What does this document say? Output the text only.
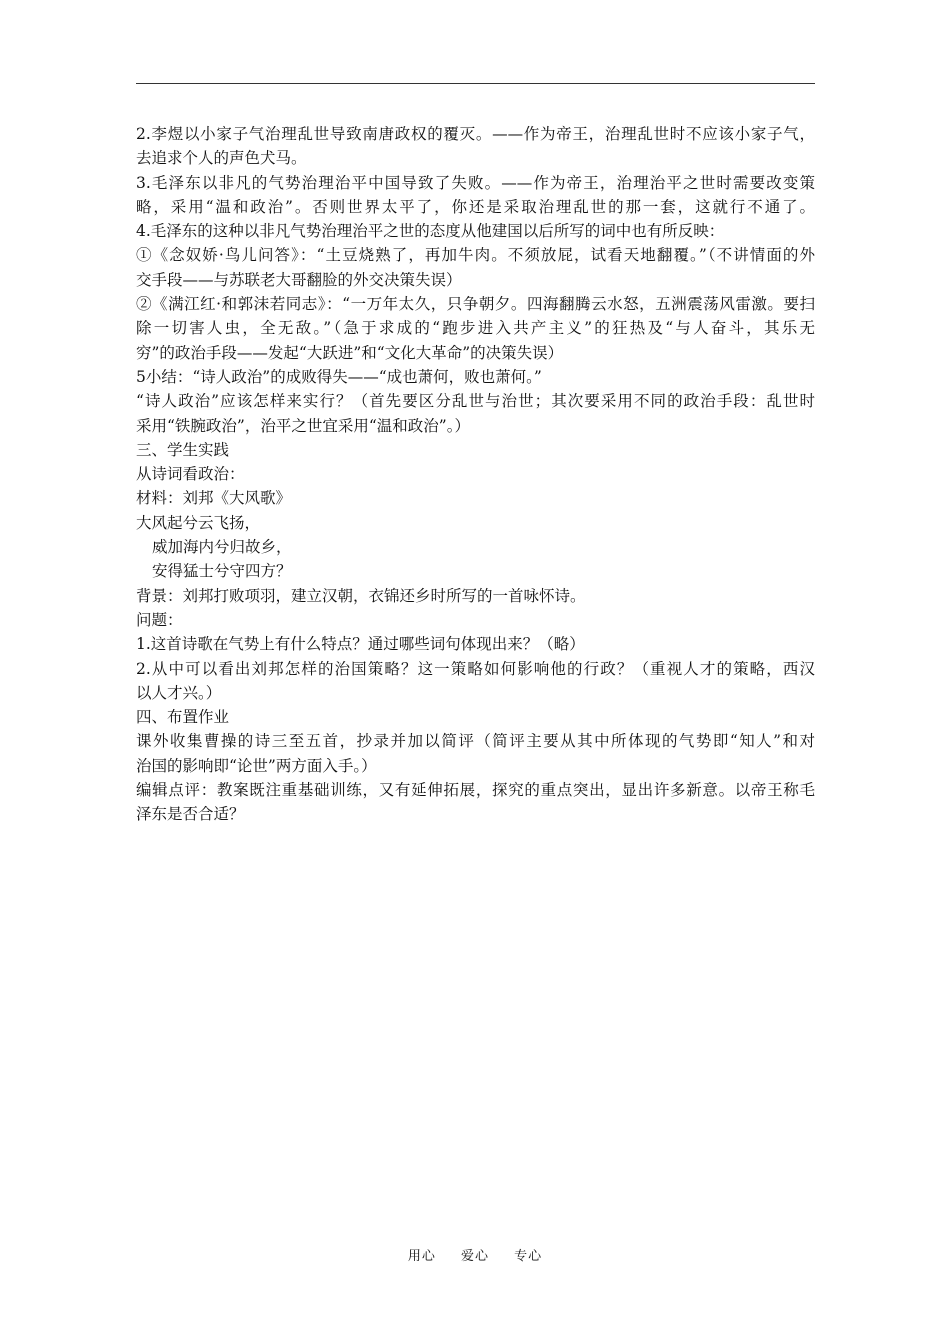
2.李煜以小家子气治理乱世导致南唐政权的覆灭。——作为帝王，治理乱世时不应该小家子气，
去追求个人的声色犬马。
3.毛泽东以非凡的气势治理治平中国导致了失败。——作为帝王，治理治平之世时需要改变策
略，采用“温和政治”。否则世界太平了，你还是采取治理乱世的那一套，这就行不通了。
4.毛泽东的这种以非凡气势治理治平之世的态度从他建国以后所写的词中也有所反映：
①《念奴娇·鸟儿问答》：“土豆烧熟了，再加牛肉。不须放屁，试看天地翻覆。”（不讲情面的外
交手段——与苏联老大哥翻脸的外交决策失误）
②《满江红·和郭沫若同志》：“一万年太久，只争朝夕。四海翻腾云水怒，五洲震荡风雷激。要扫
除一切害人虫，全无敌。”（急于求成的“跑步进入共产主义”的狂热及“与人奋斗，其乐无
穷”的政治手段——发起“大跃进”和“文化大革命”的决策失误）
5小结：“诗人政治”的成败得失——“成也萧何，败也萧何。”
“诗人政治”应该怎样来实行？（首先要区分乱世与治世；其次要采用不同的政治手段：乱世时
采用“铁腕政治”，治平之世宜采用“温和政治”。）
三、学生实践
从诗词看政治：
材料：刘邦《大风歌》
大风起兮云飞扬，
威加海内兮归故乡，
安得猛士兮守四方？
背景：刘邦打败项羽，建立汉朝，衣锦还乡时所写的一首咏怀诗。
问题：
1.这首诗歌在气势上有什么特点？通过哪些词句体现出来？（略）
2.从中可以看出刘邦怎样的治国策略？这一策略如何影响他的行政？（重视人才的策略，西汉
以人才兴。）
四、布置作业
课外收集曹操的诗三至五首，抄录并加以简评（简评主要从其中所体现的气势即“知人”和对
治国的影响即“论世”两方面入手。）
编辑点评：教案既注重基础训练，又有延伸拓展，探究的重点突出，显出许多新意。以帝王称毛
泽东是否合适？
用心 爱心 专心
